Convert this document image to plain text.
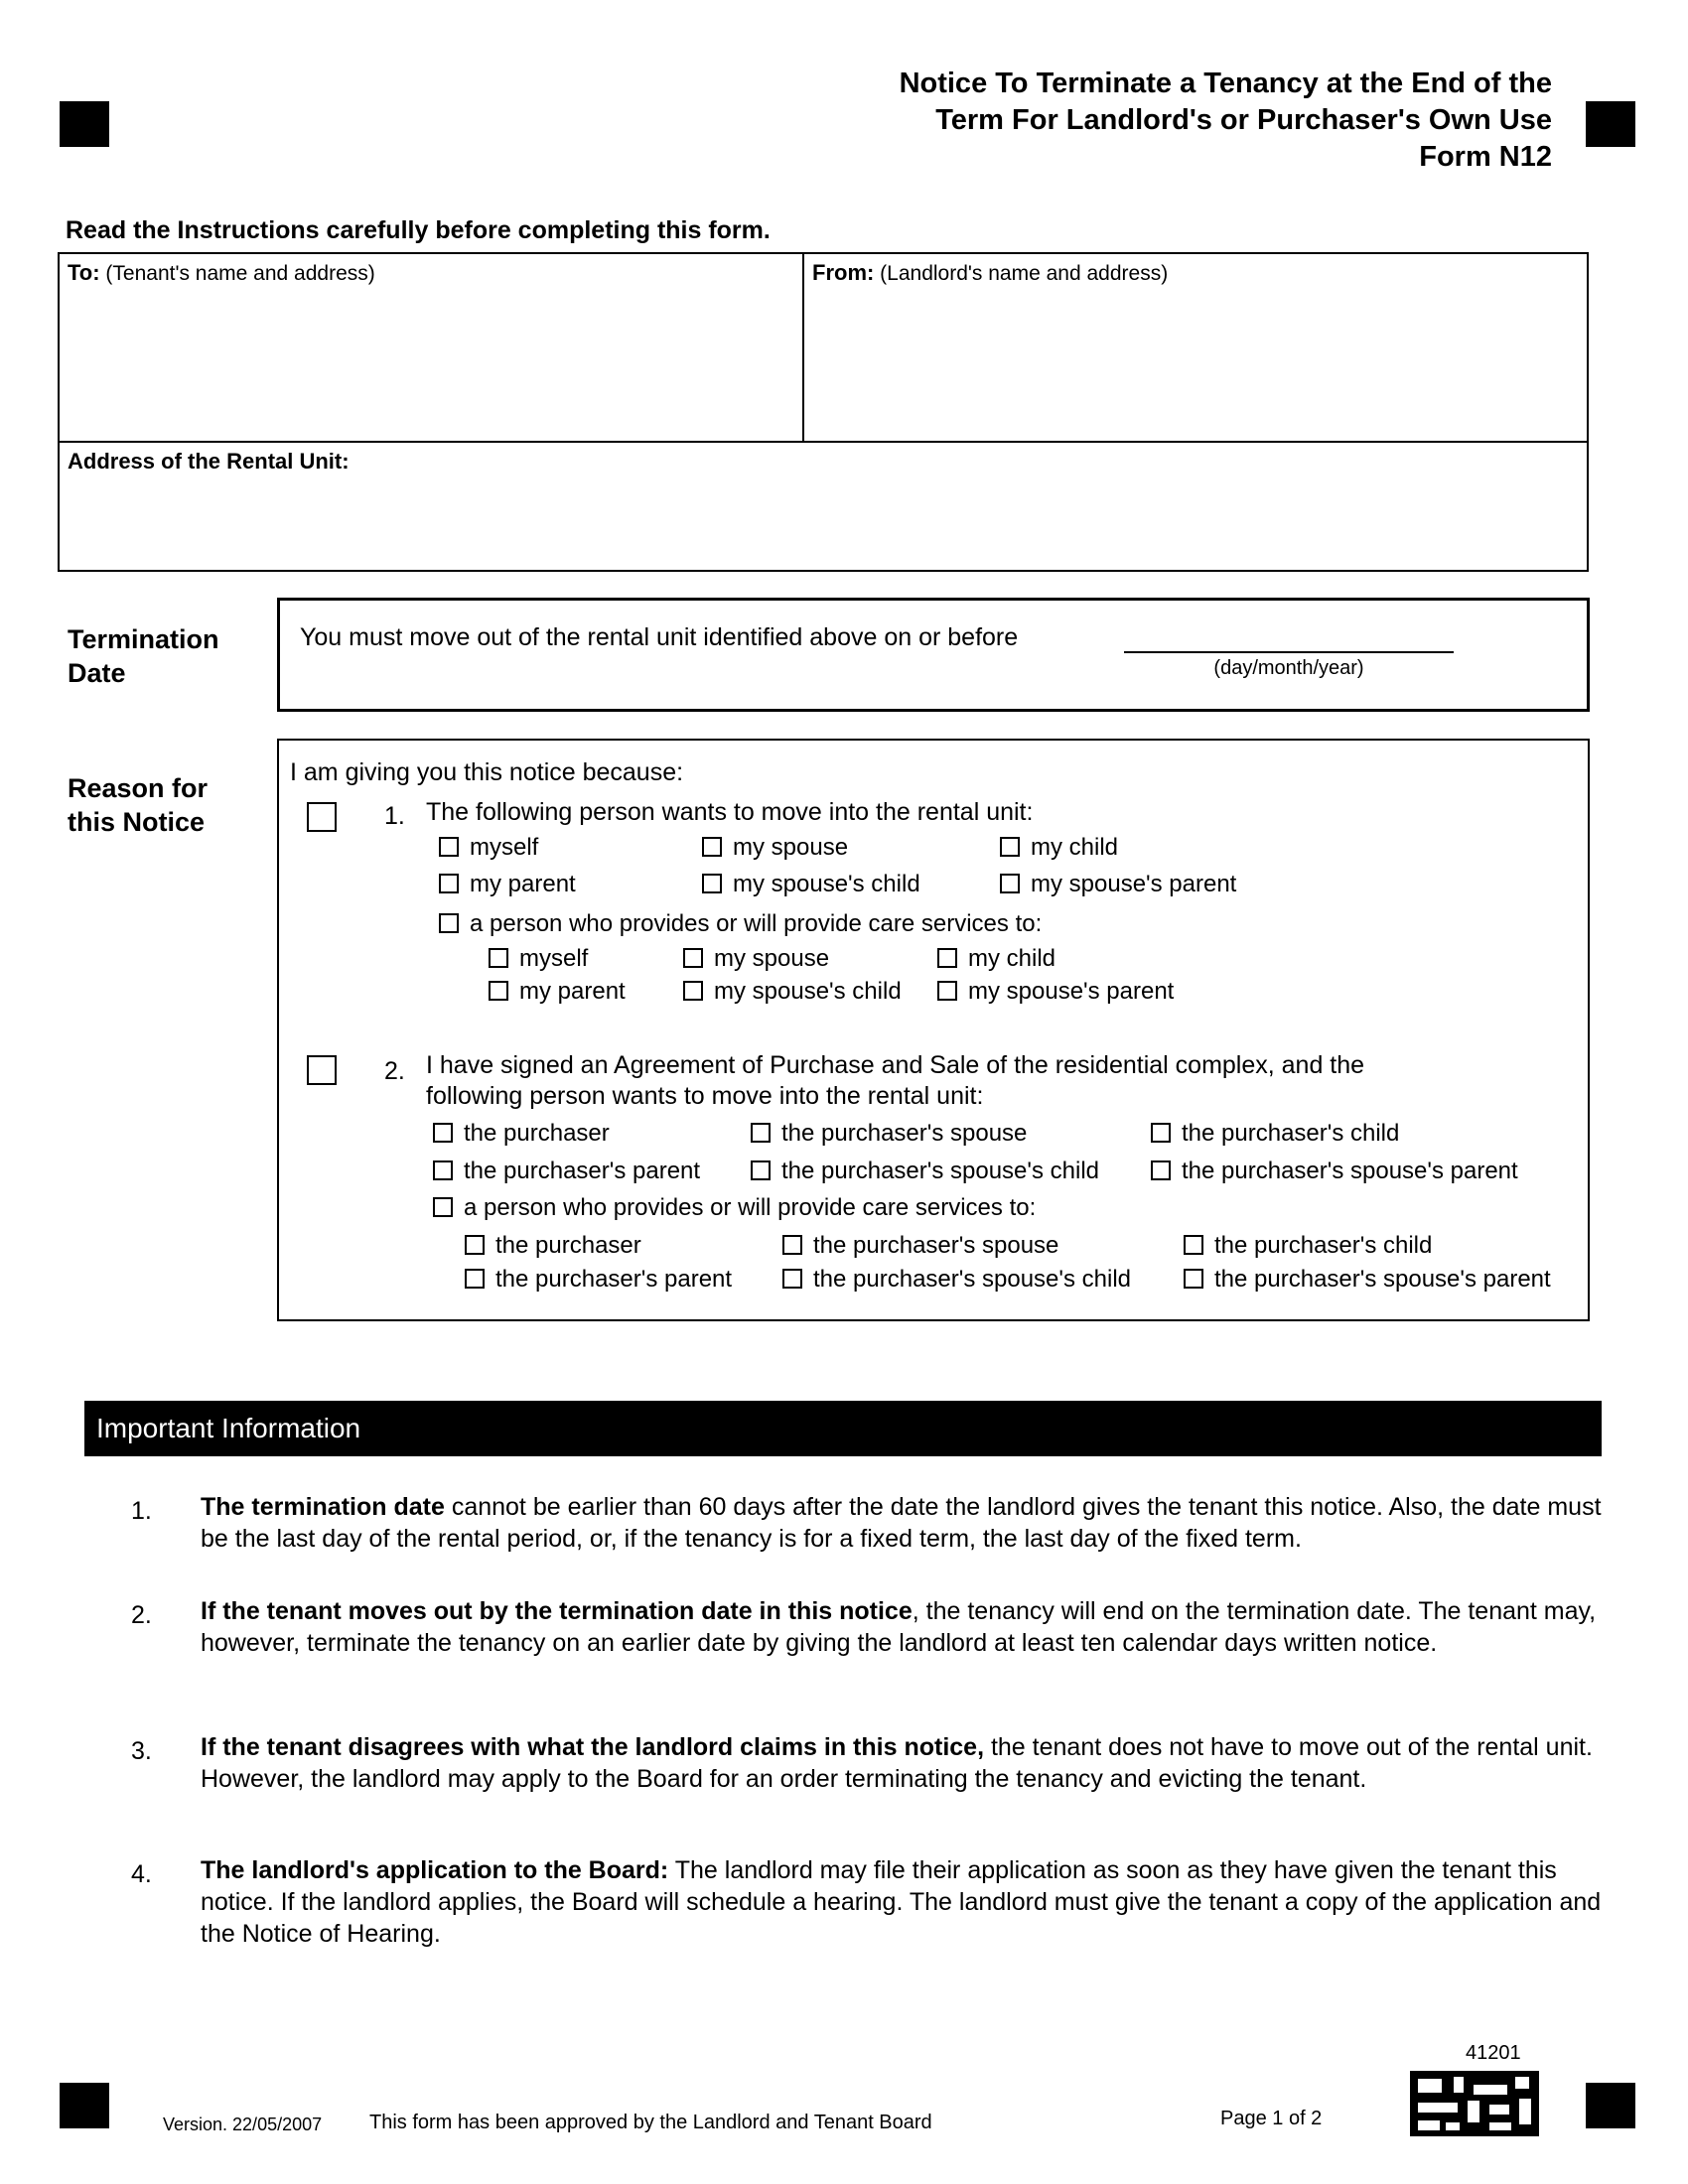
Notice To Terminate a Tenancy at the End of the
Term For Landlord's or Purchaser's Own Use
Form N12
Read the Instructions carefully before completing this form.
To: (Tenant's name and address)	From: (Landlord's name and address)
Address of the Rental Unit:
Termination
Date
You must move out of the rental unit identified above on or before
(day/month/year)
Reason for
this Notice
I am giving you this notice because:
1. The following person wants to move into the rental unit:
myself	my spouse	my child
my parent	my spouse's child	my spouse's parent
a person who provides or will provide care services to:
myself	my spouse	my child
my parent	my spouse's child	my spouse's parent
2. I have signed an Agreement of Purchase and Sale of the residential complex, and the
following person wants to move into the rental unit:
the purchaser	the purchaser's spouse	the purchaser's child
the purchaser's parent	the purchaser's spouse's child	the purchaser's spouse's parent
a person who provides or will provide care services to:
the purchaser	the purchaser's spouse	the purchaser's child
the purchaser's parent	the purchaser's spouse's child	the purchaser's spouse's parent
Important Information
1. The termination date cannot be earlier than 60 days after the date the landlord gives the tenant this notice. Also, the date must be the last day of the rental period, or, if the tenancy is for a fixed term, the last day of the fixed term.
2. If the tenant moves out by the termination date in this notice, the tenancy will end on the termination date. The tenant may, however, terminate the tenancy on an earlier date by giving the landlord at least ten calendar days written notice.
3. If the tenant disagrees with what the landlord claims in this notice, the tenant does not have to move out of the rental unit. However, the landlord may apply to the Board for an order terminating the tenancy and evicting the tenant.
4. The landlord's application to the Board: The landlord may file their application as soon as they have given the tenant this notice. If the landlord applies, the Board will schedule a hearing. The landlord must give the tenant a copy of the application and the Notice of Hearing.
41201
Version. 22/05/2007 This form has been approved by the Landlord and Tenant Board	Page 1 of 2
